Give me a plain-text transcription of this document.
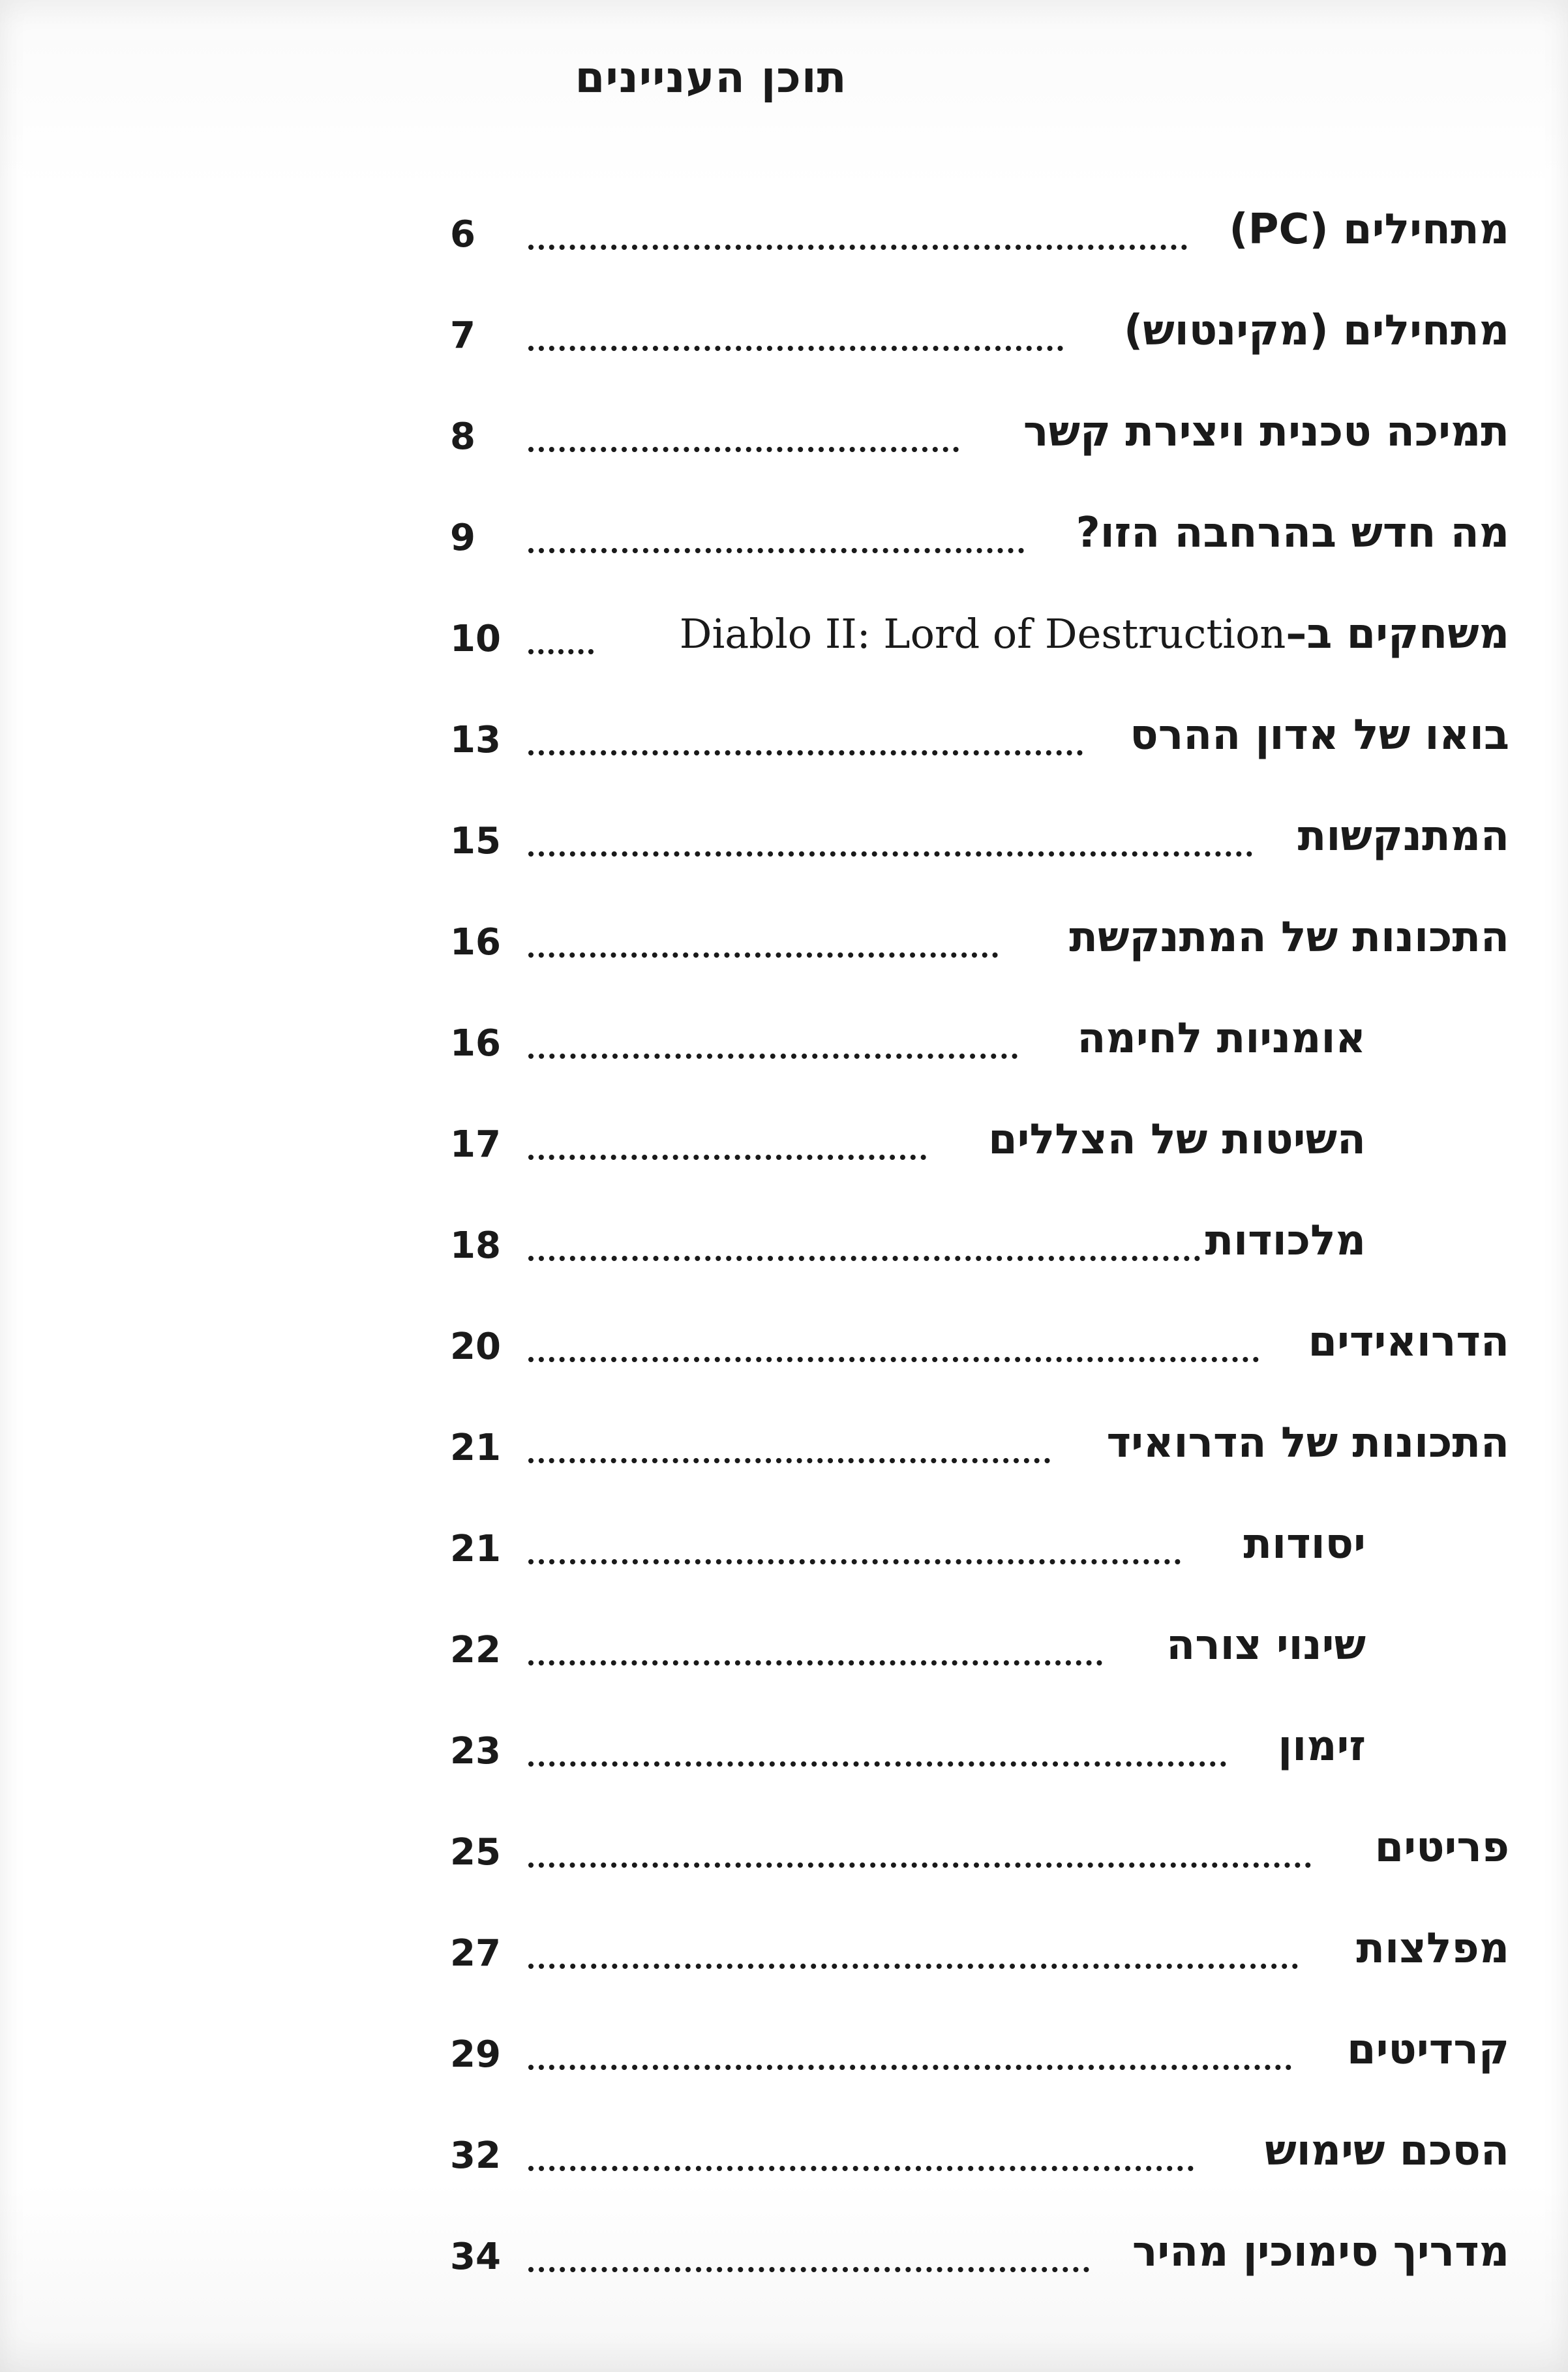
תוכן העניינים
6	מתחילים (PC)
7	מתחילים (מקינטוש)
8	תמיכה טכנית ויצירת קשר
9	מה חדש בהרחבה הזו?
10	משחקים ב–Diablo II: Lord of Destruction
13	בואו של אדון ההרס
15	המתנקשות
16	התכונות של המתנקשת
16	אומניות לחימה
17	השיטות של הצללים
18	מלכודות
20	הדרואידים
21	התכונות של הדרואיד
21	יסודות
22	שינוי צורה
23	זימון
25	פריטים
27	מפלצות
29	קרדיטים
32	הסכם שימוש
34	מדריך סימוכין מהיר
